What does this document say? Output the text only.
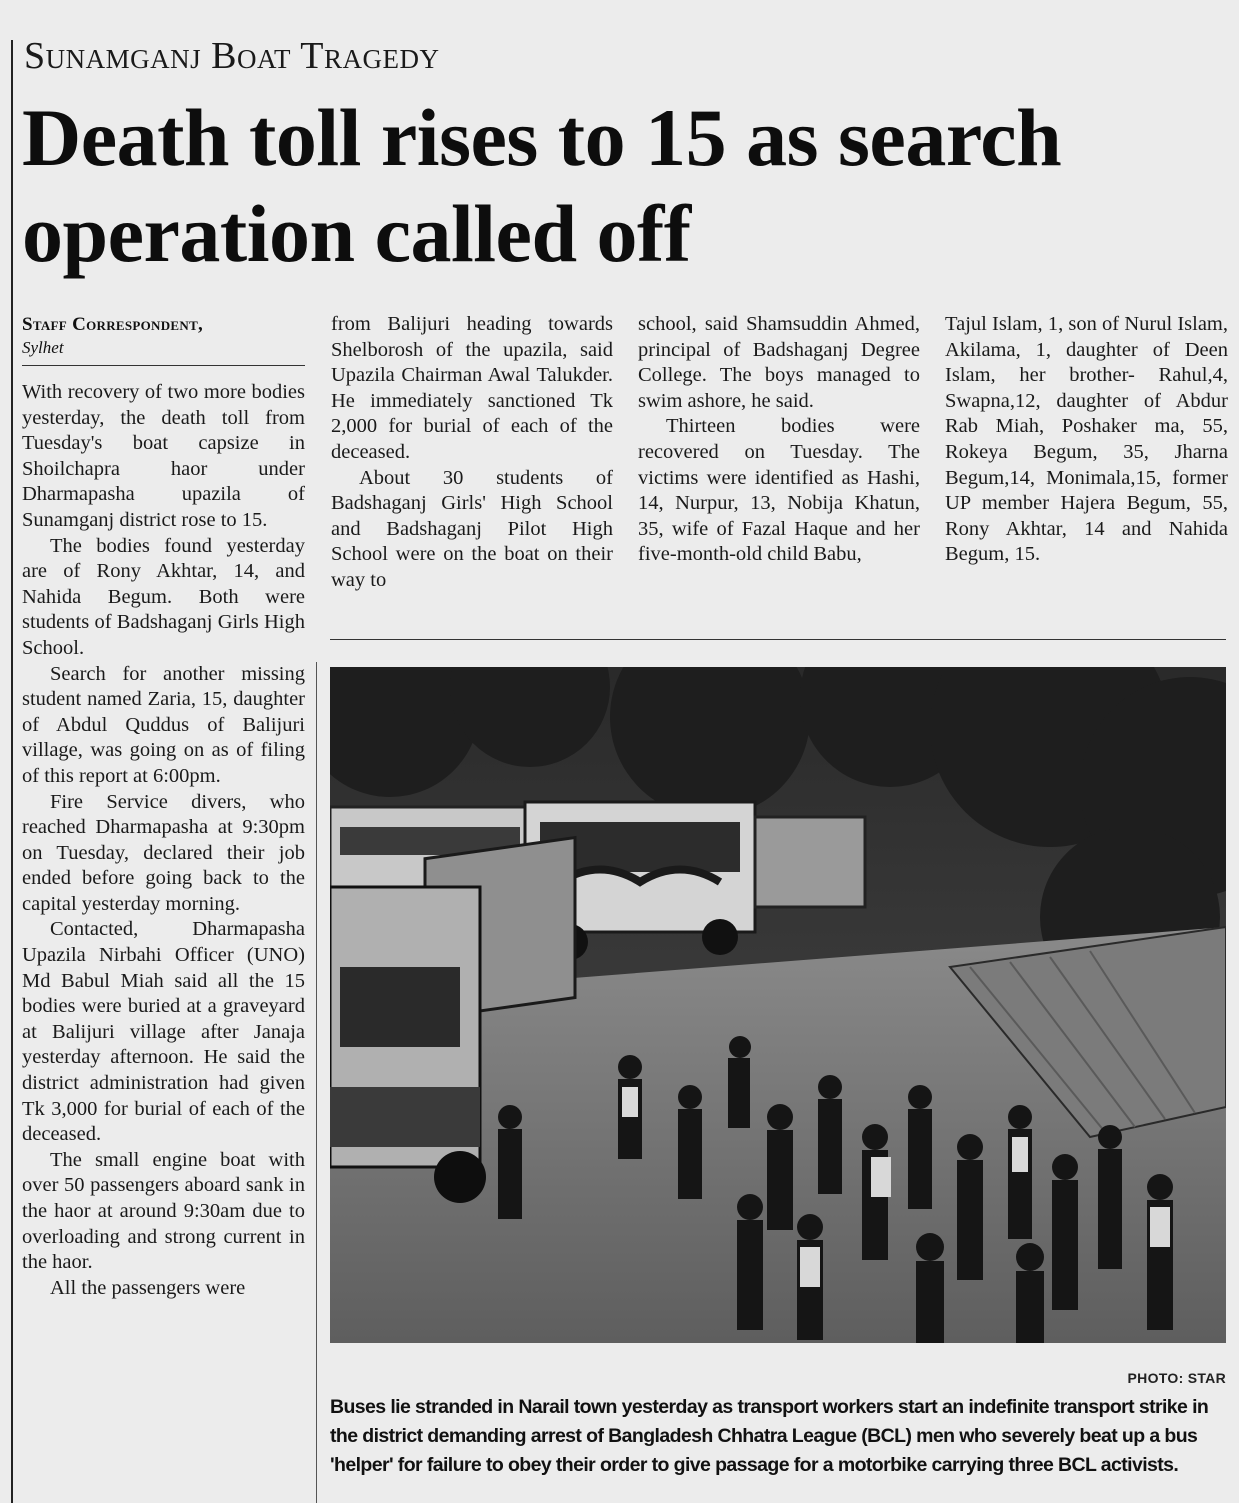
Sunamganj Boat Tragedy
Death toll rises to 15 as search operation called off
Staff Correspondent,
Sylhet

With recovery of two more bodies yesterday, the death toll from Tuesday's boat capsize in Shoilchapra haor under Dharmapasha upazila of Sunamganj district rose to 15.

The bodies found yesterday are of Rony Akhtar, 14, and Nahida Begum. Both were students of Badshaganj Girls High School.

Search for another missing student named Zaria, 15, daughter of Abdul Quddus of Balijuri village, was going on as of filing of this report at 6:00pm.

Fire Service divers, who reached Dharmapasha at 9:30pm on Tuesday, declared their job ended before going back to the capital yesterday morning.

Contacted, Dharmapasha Upazila Nirbahi Officer (UNO) Md Babul Miah said all the 15 bodies were buried at a graveyard at Balijuri village after Janaja yesterday afternoon. He said the district administration had given Tk 3,000 for burial of each of the deceased.

The small engine boat with over 50 passengers aboard sank in the haor at around 9:30am due to overloading and strong current in the haor.

All the passengers were

from Balijuri heading towards Shelborosh of the upazila, said Upazila Chairman Awal Talukder. He immediately sanctioned Tk 2,000 for burial of each of the deceased.

About 30 students of Badshaganj Girls' High School and Badshaganj Pilot High School were on the boat on their way to

school, said Shamsuddin Ahmed, principal of Badshaganj Degree College. The boys managed to swim ashore, he said.

Thirteen bodies were recovered on Tuesday. The victims were identified as Hashi, 14, Nurpur, 13, Nobija Khatun, 35, wife of Fazal Haque and her five-month-old child Babu,

Tajul Islam, 1, son of Nurul Islam, Akilama, 1, daughter of Deen Islam, her brother- Rahul,4, Swapna,12, daughter of Abdur Rab Miah, Poshaker ma, 55, Rokeya Begum, 35, Jharna Begum,14, Monimala,15, former UP member Hajera Begum, 55, Rony Akhtar, 14 and Nahida Begum, 15.

PHOTO: STAR
Buses lie stranded in Narail town yesterday as transport workers start an indefinite transport strike in the district demanding arrest of Bangladesh Chhatra League (BCL) men who severely beat up a bus 'helper' for failure to obey their order to give passage for a motorbike carrying three BCL activists.
